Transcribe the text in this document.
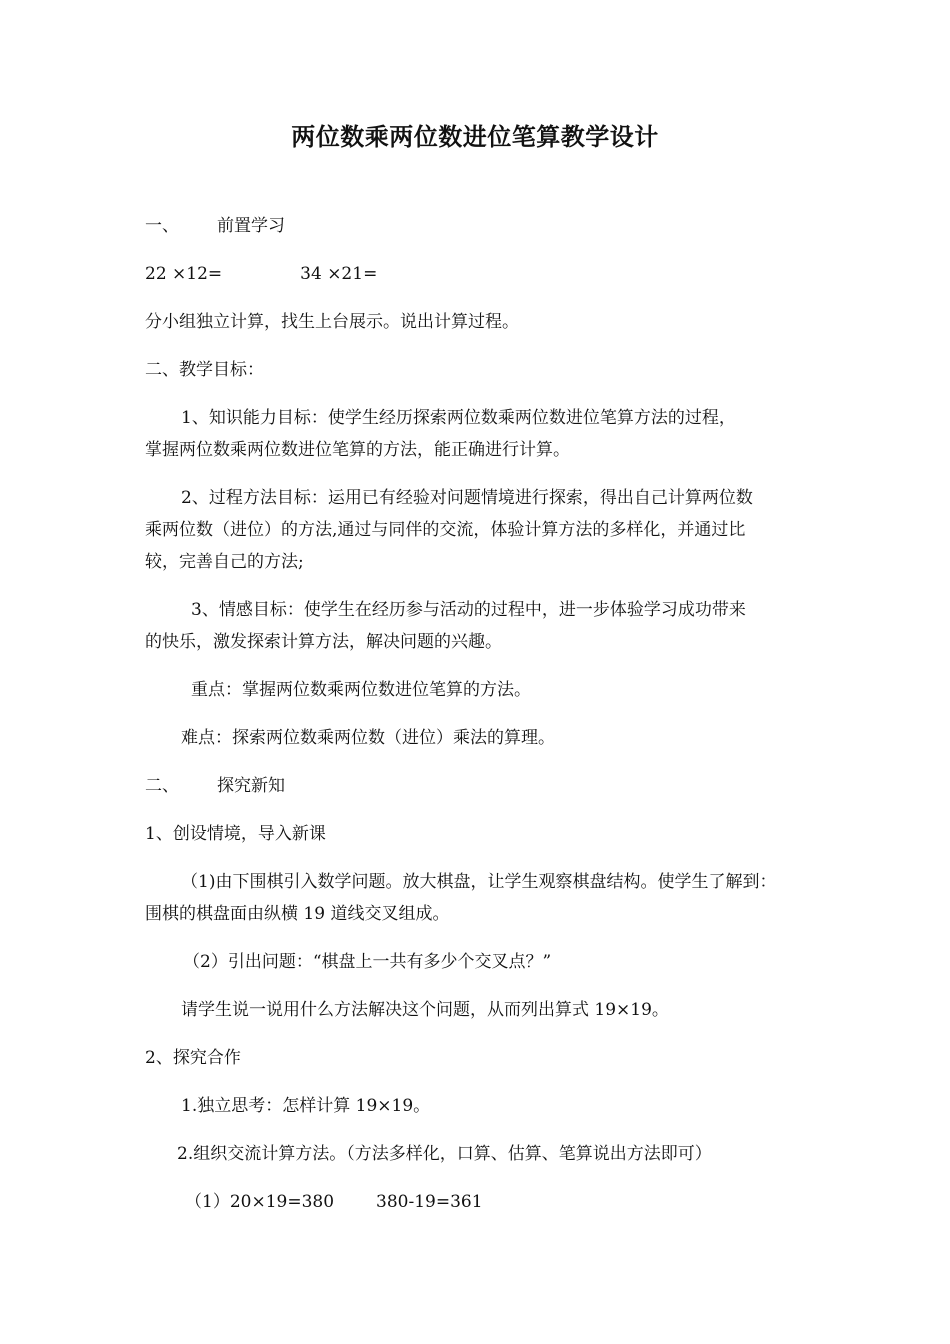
两位数乘两位数进位笔算教学设计

一、 前置学习

22 ×12=	34 ×21=

分小组独立计算，找生上台展示。说出计算过程。

二、教学目标：

1、知识能力目标：使学生经历探索两位数乘两位数进位笔算方法的过程，
掌握两位数乘两位数进位笔算的方法，能正确进行计算。

2、过程方法目标：运用已有经验对问题情境进行探索，得出自己计算两位数
乘两位数（进位）的方法,通过与同伴的交流，体验计算方法的多样化，并通过比
较，完善自己的方法;

3、情感目标：使学生在经历参与活动的过程中，进一步体验学习成功带来
的快乐，激发探索计算方法，解决问题的兴趣。

重点：掌握两位数乘两位数进位笔算的方法。

难点：探索两位数乘两位数（进位）乘法的算理。

二、 探究新知

1、创设情境，导入新课

（1)由下围棋引入数学问题。放大棋盘，让学生观察棋盘结构。使学生了解到：
围棋的棋盘面由纵横 19 道线交叉组成。

（2）引出问题：“棋盘上一共有多少个交叉点？”

请学生说一说用什么方法解决这个问题，从而列出算式 19×19。

2、探究合作

1.独立思考：怎样计算 19×19。

2.组织交流计算方法。（方法多样化，口算、估算、笔算说出方法即可）

（1）20×19=380 380-19=361
